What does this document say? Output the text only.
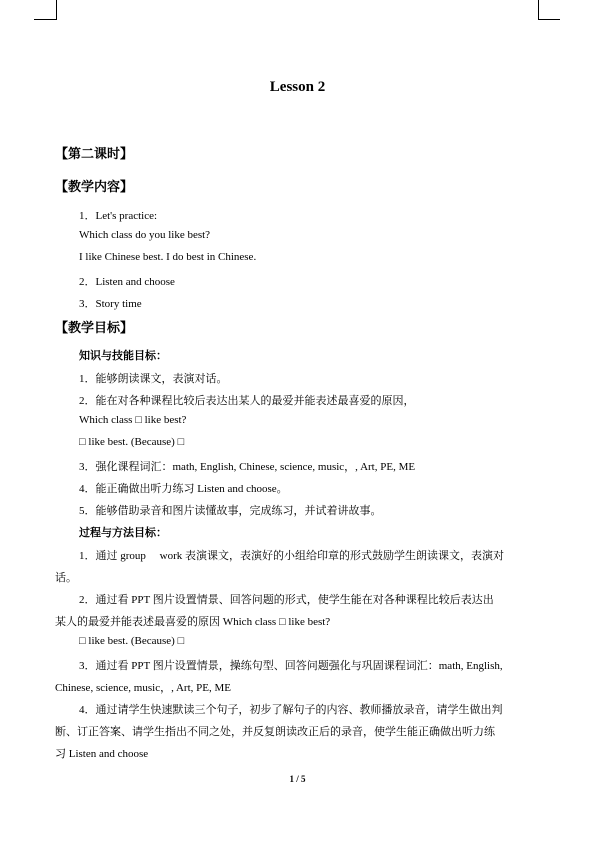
Lesson 2
【第二课时】
【教学内容】
1．Let's practice:
Which class do you like best?
I like Chinese best. I do best in Chinese.
2．Listen and choose
3．Story time
【教学目标】
知识与技能目标：
1．能够朗读课文，表演对话。
2．能在对各种课程比较后表达出某人的最爱并能表述最喜爱的原因，
Which class □ like best?
□ like best. (Because) □
3．强化课程词汇：math, English, Chinese, science, music，, Art, PE, ME
4．能正确做出听力练习 Listen and choose。
5．能够借助录音和图片读懂故事，完成练习，并试着讲故事。
过程与方法目标：
1．通过 group　 work 表演课文，表演好的小组给印章的形式鼓励学生朗读课文，表演对
话。
2．通过看 PPT 图片设置情景、回答问题的形式，使学生能在对各种课程比较后表达出
某人的最爱并能表述最喜爱的原因 Which class □ like best?
□ like best. (Because) □
3．通过看 PPT 图片设置情景，操练句型、回答问题强化与巩固课程词汇：math, English,
Chinese, science, music，, Art, PE, ME
4．通过请学生快速默读三个句子，初步了解句子的内容、教师播放录音，请学生做出判
断、订正答案、请学生指出不同之处，并反复朗读改正后的录音，使学生能正确做出听力练
习 Listen and choose
1 / 5
